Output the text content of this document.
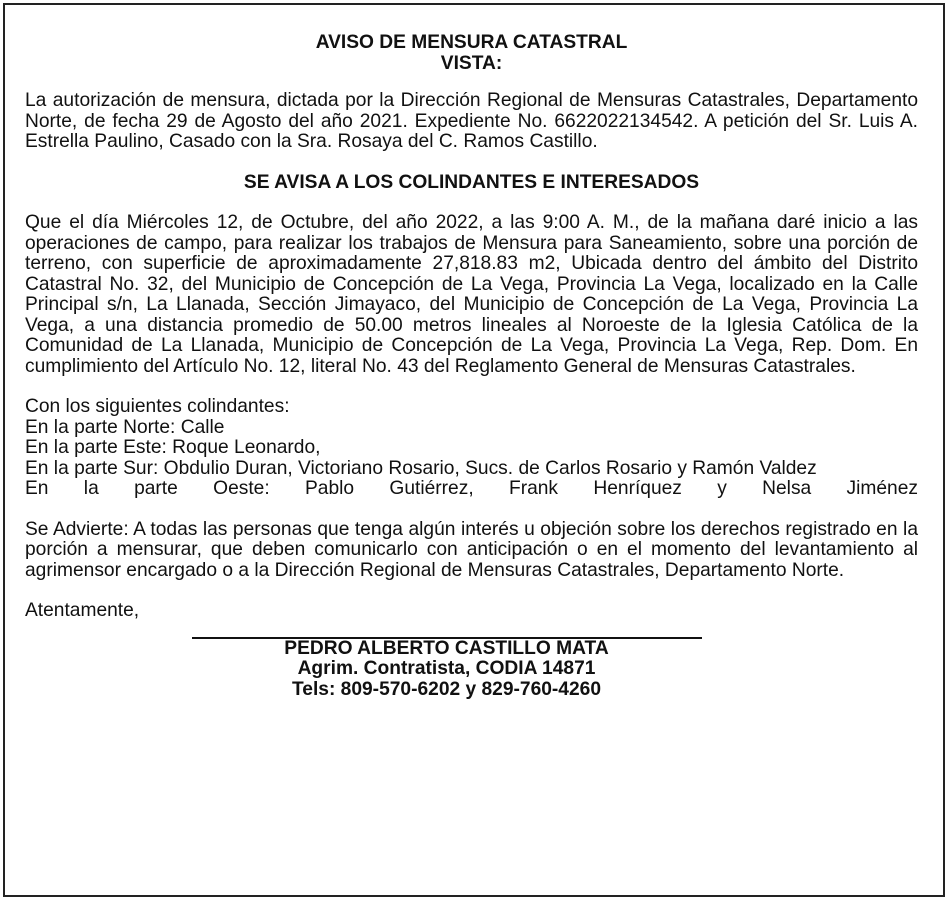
AVISO DE MENSURA CATASTRAL

VISTA:

La autorización de mensura, dictada por la Dirección Regional de Mensuras Catastrales, Departamento Norte, de fecha 29 de Agosto del año 2021. Expediente No. 6622022134542. A petición del Sr. Luis A. Estrella Paulino, Casado con la Sra. Rosaya del C. Ramos Castillo.

SE AVISA A LOS COLINDANTES E INTERESADOS

Que el día Miércoles 12, de Octubre, del año 2022, a las 9:00 A. M., de la mañana daré inicio a las operaciones de campo, para realizar los trabajos de Mensura para Saneamiento, sobre una porción de terreno, con superficie de aproximadamente 27,818.83 m2, Ubicada dentro del ámbito del Distrito Catastral No. 32, del Municipio de Concepción de La Vega, Provincia La Vega, localizado en la Calle Principal s/n, La Llanada, Sección Jimayaco, del Municipio de Concepción de La Vega, Provincia La Vega, a una distancia promedio de 50.00 metros lineales al Noroeste de la Iglesia Católica de la Comunidad de La Llanada, Municipio de Concepción de La Vega, Provincia La Vega, Rep. Dom. En cumplimiento del Artículo No. 12, literal No. 43 del Reglamento General de Mensuras Catastrales.

Con los siguientes colindantes:

En la parte Norte: Calle

En la parte Este: Roque Leonardo,

En la parte Sur: Obdulio Duran, Victoriano Rosario, Sucs. de Carlos Rosario y Ramón Valdez

En la parte Oeste: Pablo Gutiérrez, Frank Henríquez y Nelsa Jiménez

Se Advierte: A todas las personas que tenga algún interés u objeción sobre los derechos registrado en la porción a mensurar, que deben comunicarlo con anticipación o en el momento del levantamiento al agrimensor encargado o a la Dirección Regional de Mensuras Catastrales, Departamento Norte.

Atentamente,

PEDRO ALBERTO CASTILLO MATA

Agrim. Contratista, CODIA 14871

Tels: 809-570-6202 y 829-760-4260
